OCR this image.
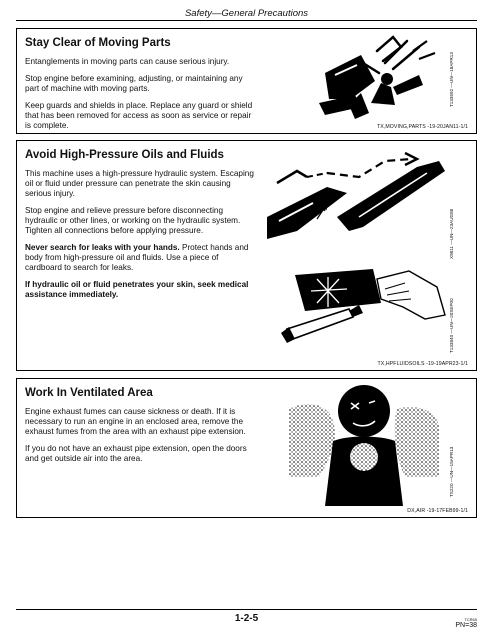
Safety—General Precautions
Stay Clear of Moving Parts

Entanglements in moving parts can cause serious injury.

Stop engine before examining, adjusting, or maintaining any part of machine with moving parts.

Keep guards and shields in place. Replace any guard or shield that has been removed for access as soon as service or repair is complete.

T133592 —UN—18APR13
TX,MOVING,PARTS -19-20JAN11-1/1
Avoid High-Pressure Oils and Fluids

This machine uses a high-pressure hydraulic system. Escaping oil or fluid under pressure can penetrate the skin causing serious injury.

Stop engine and relieve pressure before disconnecting hydraulic or other lines, or working on the hydraulic system. Tighten all connections before applying pressure.

Never search for leaks with your hands. Protect hands and body from high-pressure oil and fluids. Use a piece of cardboard to search for leaks.

If hydraulic oil or fluid penetrates your skin, seek medical assistance immediately.

X9811 —UN—23AUG88
T133840 —UN—20SEP00
TX,HPFLUIDSOILS -19-19APR23-1/1
Work In Ventilated Area

Engine exhaust fumes can cause sickness or death. If it is necessary to run an engine in an enclosed area, remove the exhaust fumes from the area with an exhaust pipe extension.

If you do not have an exhaust pipe extension, open the doors and get outside air into the area.	TS220 —UN—15APR13
DX,AIR -19-17FEB99-1/1
1-2-5	TCR69
PN=38
